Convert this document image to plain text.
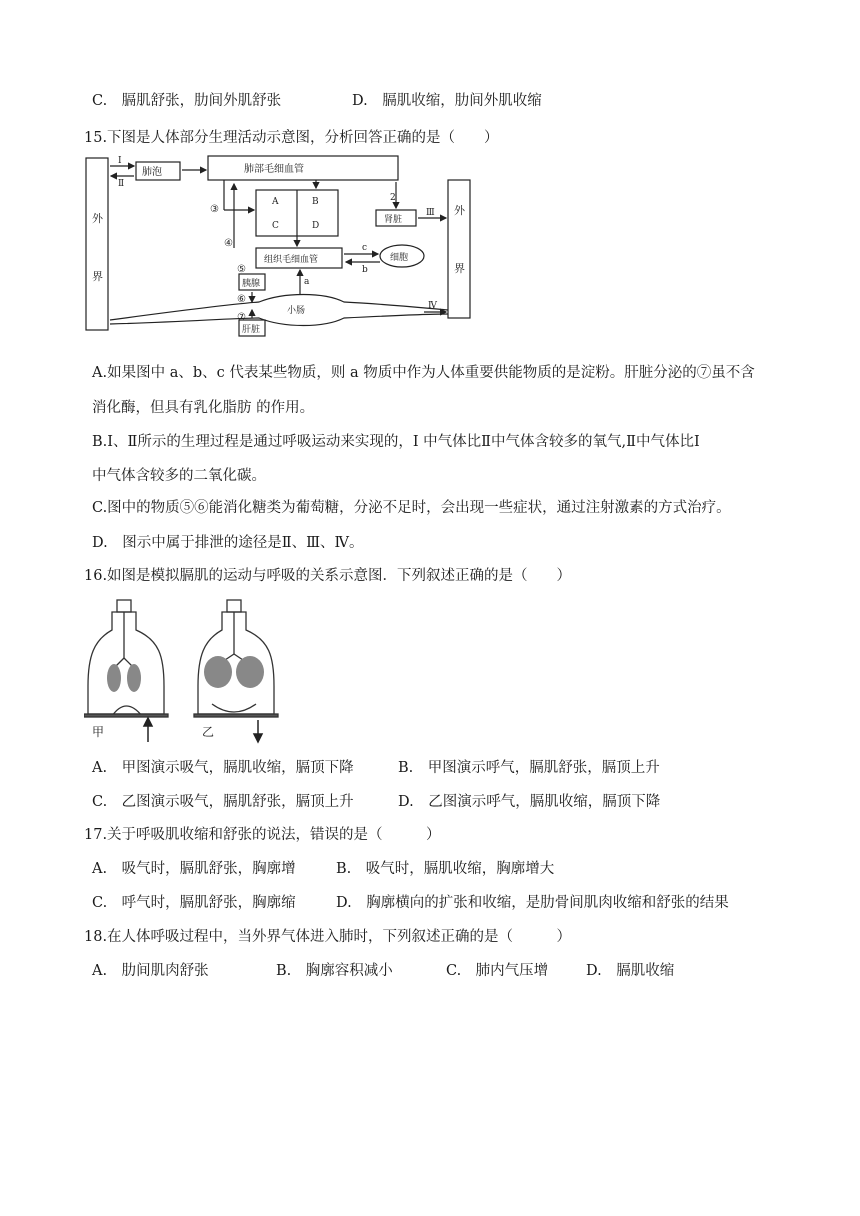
C.　膈肌舒张，肋间外肌舒张	D.　膈肌收缩，肋间外肌收缩
15.下图是人体部分生理活动示意图，分析回答正确的是（　　）
外
界
外
界
Ⅰ
Ⅱ
Ⅲ
Ⅳ
肺泡	肺部毛细血管
A	B
C	D
肾脏
组织毛细血管	细胞
胰腺
小肠
肝脏
2
③
④
⑤
⑥
⑦
a
b
c
A.如果图中 a、b、c 代表某些物质，则 a 物质中作为人体重要供能物质的是淀粉。肝脏分泌的⑦虽不含
消化酶，但具有乳化脂肪 的作用。
B.Ⅰ、Ⅱ所示的生理过程是通过呼吸运动来实现的，Ⅰ 中气体比Ⅱ中气体含较多的氧气,Ⅱ中气体比Ⅰ
中气体含较多的二氧化碳。
C.图中的物质⑤⑥能消化糖类为葡萄糖，分泌不足时，会出现一些症状，通过注射激素的方式治疗。
D.　图示中属于排泄的途径是Ⅱ、Ⅲ、Ⅳ。
16.如图是模拟膈肌的运动与呼吸的关系示意图．下列叙述正确的是（　　）
甲	乙
A.　甲图演示吸气，膈肌收缩，膈顶下降	B.　甲图演示呼气，膈肌舒张，膈顶上升
C.　乙图演示吸气，膈肌舒张，膈顶上升	D.　乙图演示呼气，膈肌收缩，膈顶下降
17.关于呼吸肌收缩和舒张的说法，错误的是（　　　）
A.　吸气时，膈肌舒张，胸廓增	B.　吸气时，膈肌收缩，胸廓增大
C.　呼气时，膈肌舒张，胸廓缩	D.　胸廓横向的扩张和收缩，是肋骨间肌肉收缩和舒张的结果
18.在人体呼吸过程中，当外界气体进入肺时，下列叙述正确的是（　　　）
A.　肋间肌肉舒张	B.　胸廓容积减小	C.　肺内气压增	D.　膈肌收缩
